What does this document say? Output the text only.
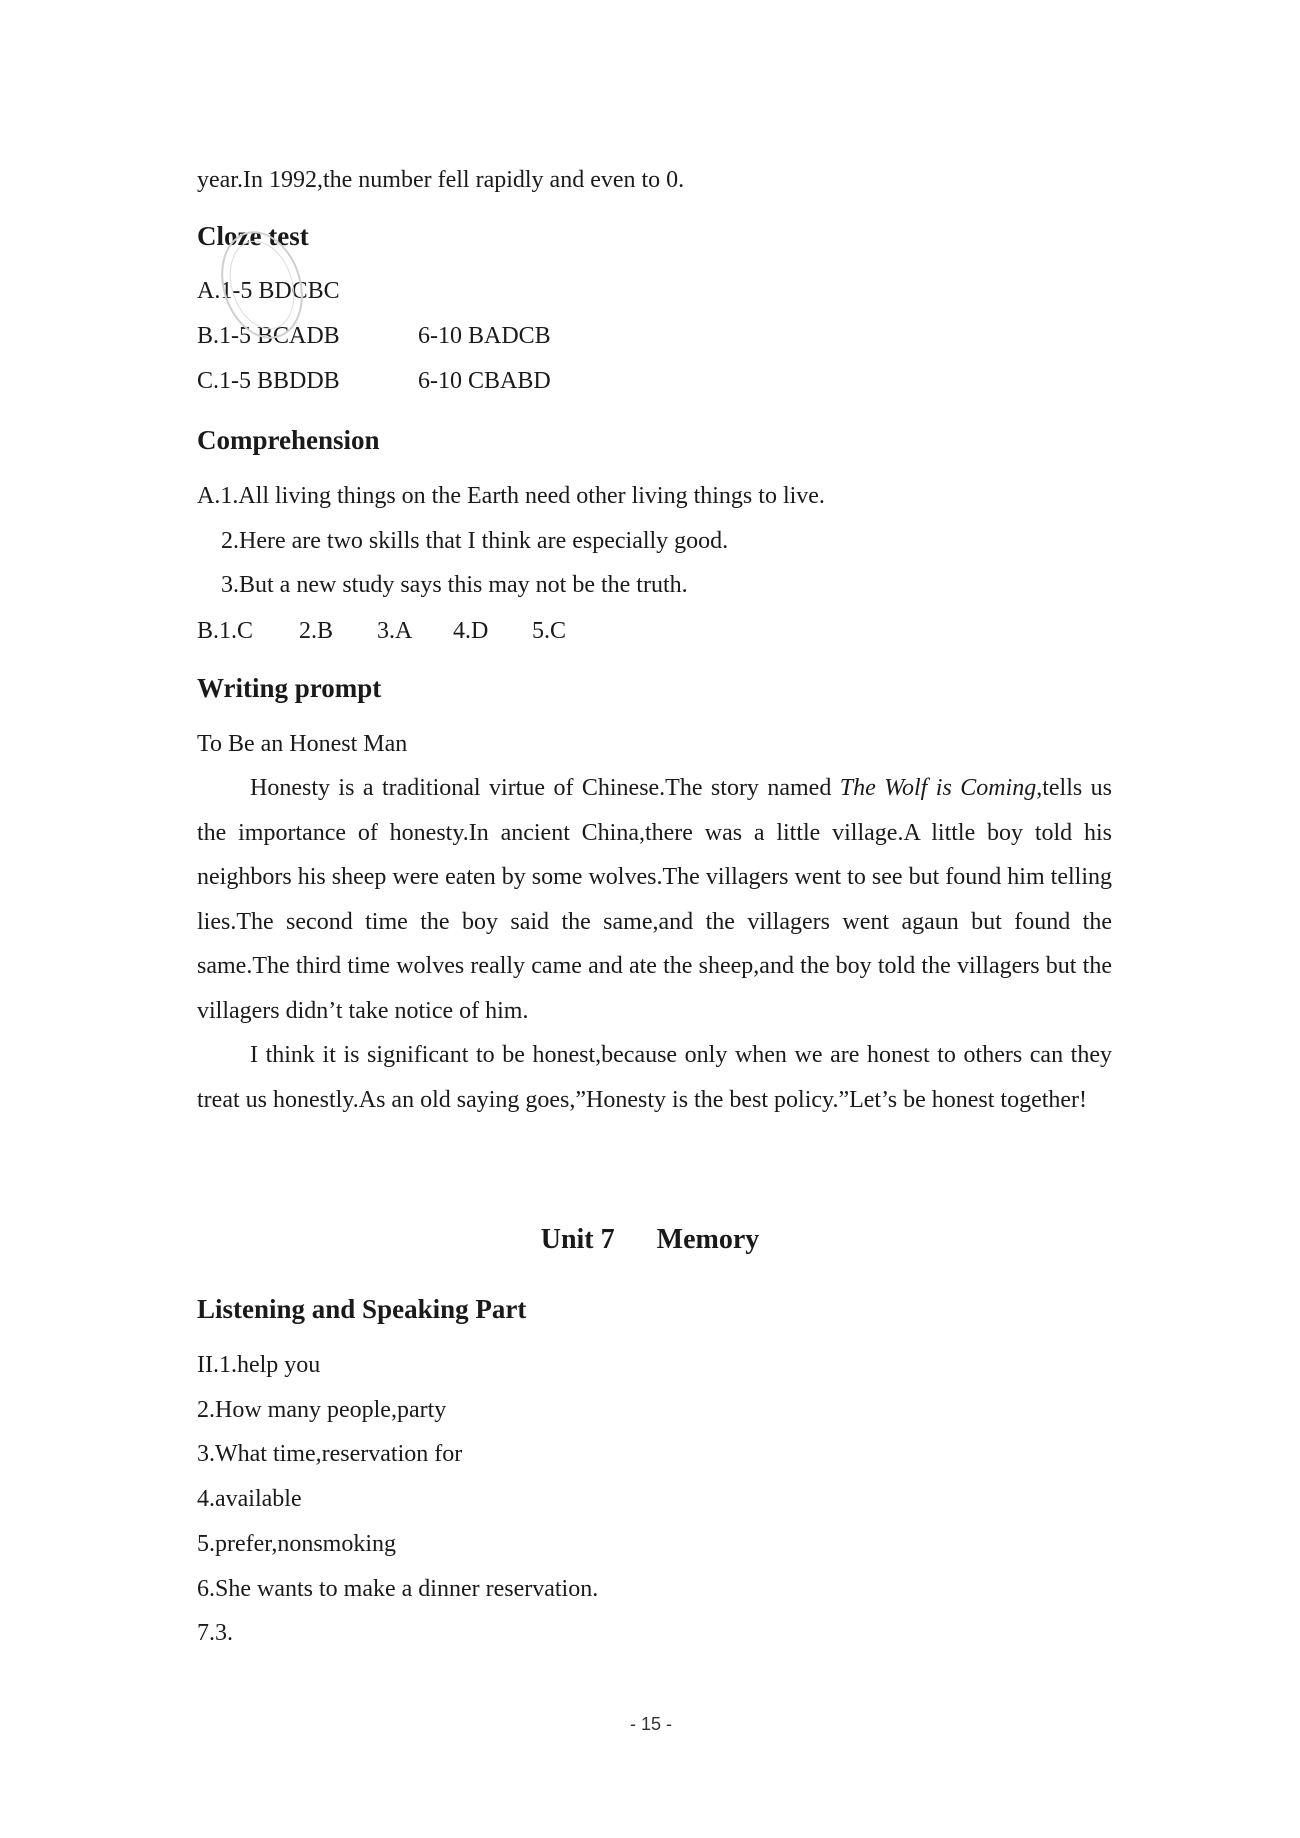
year.In 1992,the number fell rapidly and even to 0.

Cloze test
A.1-5 BDCBC
B.1-5 BCADB	6-10 BADCB
C.1-5 BBDDB	6-10 CBABD
Comprehension

A.1.All living things on the Earth need other living things to live.

2.Here are two skills that I think are especially good.

3.But a new study says this may not be the truth.

B.1.C 2.B 3.A 4.D 5.C
Writing prompt

To Be an Honest Man

Honesty is a traditional virtue of Chinese.The story named The Wolf is Coming,tells us the importance of honesty.In ancient China,there was a little village.A little boy told his neighbors his sheep were eaten by some wolves.The villagers went to see but found him telling lies.The second time the boy said the same,and the villagers went agaun but found the same.The third time wolves really came and ate the sheep,and the boy told the villagers but the villagers didn’t take notice of him.

I think it is significant to be honest,because only when we are honest to others can they treat us honestly.As an old saying goes,”Honesty is the best policy.”Let’s be honest together!

Unit 7 Memory
Listening and Speaking Part

II.1.help you

2.How many people,party

3.What time,reservation for

4.available

5.prefer,nonsmoking

6.She wants to make a dinner reservation.

7.3.

- 15 -
